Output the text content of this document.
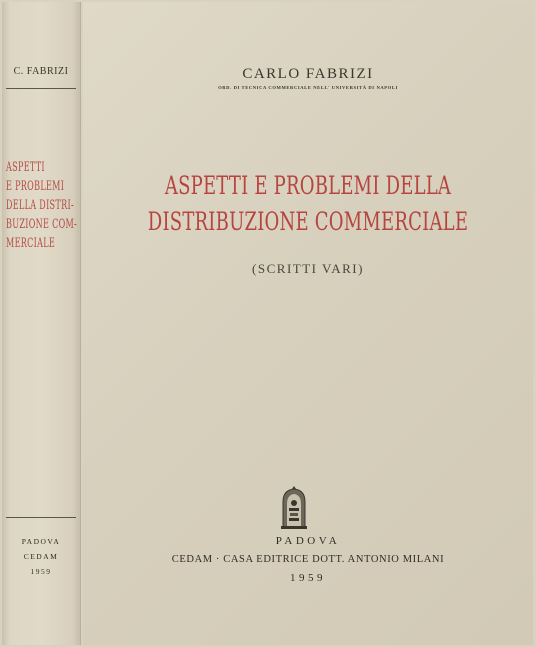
C. FABRIZI
ASPETTI
E PROBLEMI
DELLA DISTRI-
BUZIONE COM-
MERCIALE
PADOVA
CEDAM
1959
CARLO FABRIZI
ORD. DI TECNICA COMMERCIALE NELL' UNIVERSITÀ DI NAPOLI
ASPETTI E PROBLEMI DELLA
DISTRIBUZIONE COMMERCIALE
(SCRITTI VARI)
PADOVA
CEDAM · CASA EDITRICE DOTT. ANTONIO MILANI
1959
